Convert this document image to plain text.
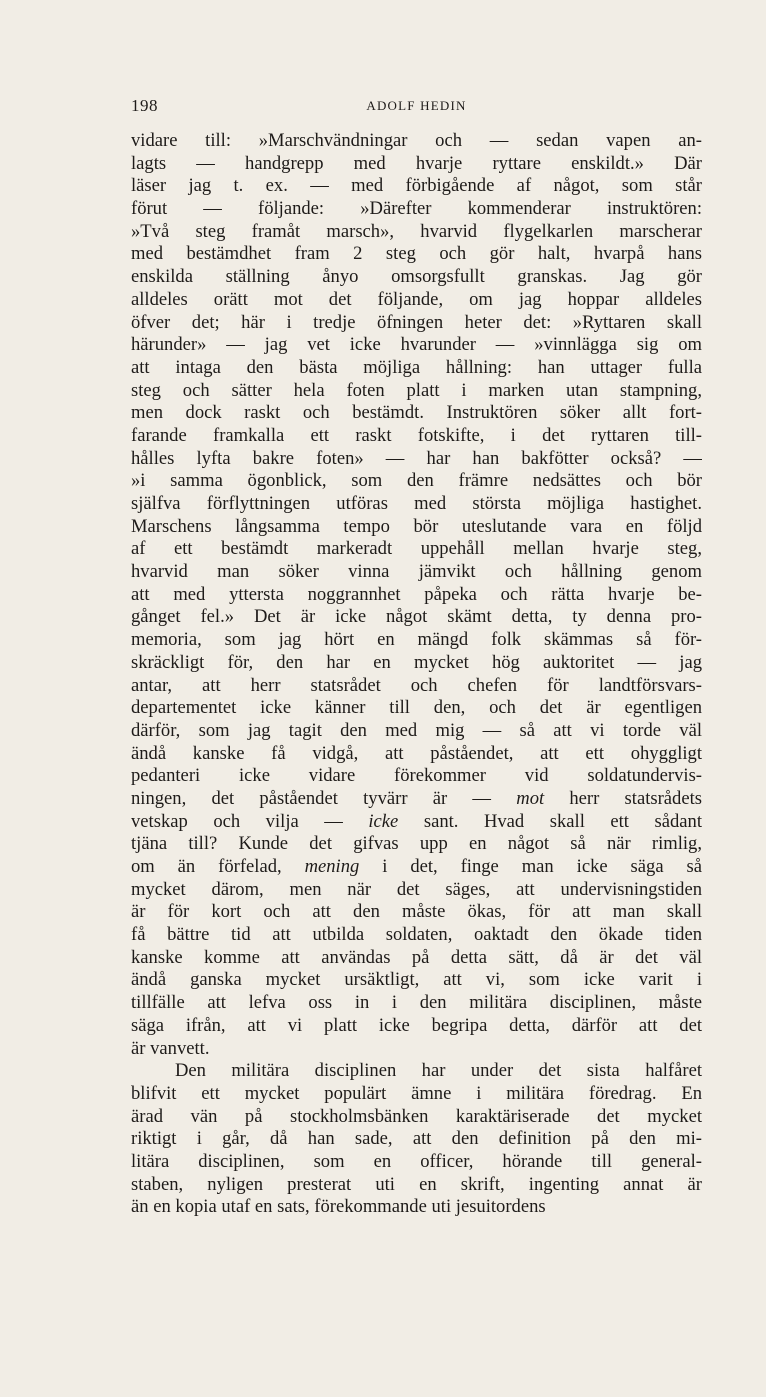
198	ADOLF HEDIN
vidare till: »Marschvändningar och — sedan vapen an-
lagts — handgrepp med hvarje ryttare enskildt.» Där
läser jag t. ex. — med förbigående af något, som står
förut — följande: »Därefter kommenderar instruktören:
»Två steg framåt marsch», hvarvid flygelkarlen marscherar
med bestämdhet fram 2 steg och gör halt, hvarpå hans
enskilda ställning ånyo omsorgsfullt granskas. Jag gör
alldeles orätt mot det följande, om jag hoppar alldeles
öfver det; här i tredje öfningen heter det: »Ryttaren skall
härunder» — jag vet icke hvarunder — »vinnlägga sig om
att intaga den bästa möjliga hållning: han uttager fulla
steg och sätter hela foten platt i marken utan stampning,
men dock raskt och bestämdt. Instruktören söker allt fort-
farande framkalla ett raskt fotskifte, i det ryttaren till-
hålles lyfta bakre foten» — har han bakfötter också? —
»i samma ögonblick, som den främre nedsättes och bör
själfva förflyttningen utföras med största möjliga hastighet.
Marschens långsamma tempo bör uteslutande vara en följd
af ett bestämdt markeradt uppehåll mellan hvarje steg,
hvarvid man söker vinna jämvikt och hållning genom
att med yttersta noggrannhet påpeka och rätta hvarje be-
gånget fel.» Det är icke något skämt detta, ty denna pro-
memoria, som jag hört en mängd folk skämmas så för-
skräckligt för, den har en mycket hög auktoritet — jag
antar, att herr statsrådet och chefen för landtförsvars-
departementet icke känner till den, och det är egentligen
därför, som jag tagit den med mig — så att vi torde väl
ändå kanske få vidgå, att påståendet, att ett ohyggligt
pedanteri icke vidare förekommer vid soldatundervis-
ningen, det påståendet tyvärr är — mot herr statsrådets
vetskap och vilja — icke sant. Hvad skall ett sådant
tjäna till? Kunde det gifvas upp en något så när rimlig,
om än förfelad, mening i det, finge man icke säga så
mycket därom, men när det säges, att undervisningstiden
är för kort och att den måste ökas, för att man skall
få bättre tid att utbilda soldaten, oaktadt den ökade tiden
kanske komme att användas på detta sätt, då är det väl
ändå ganska mycket ursäktligt, att vi, som icke varit i
tillfälle att lefva oss in i den militära disciplinen, måste
säga ifrån, att vi platt icke begripa detta, därför att det
är vanvett.
Den militära disciplinen har under det sista halfåret
blifvit ett mycket populärt ämne i militära föredrag. En
ärad vän på stockholmsbänken karaktäriserade det mycket
riktigt i går, då han sade, att den definition på den mi-
litära disciplinen, som en officer, hörande till general-
staben, nyligen presterat uti en skrift, ingenting annat är
än en kopia utaf en sats, förekommande uti jesuitordens
